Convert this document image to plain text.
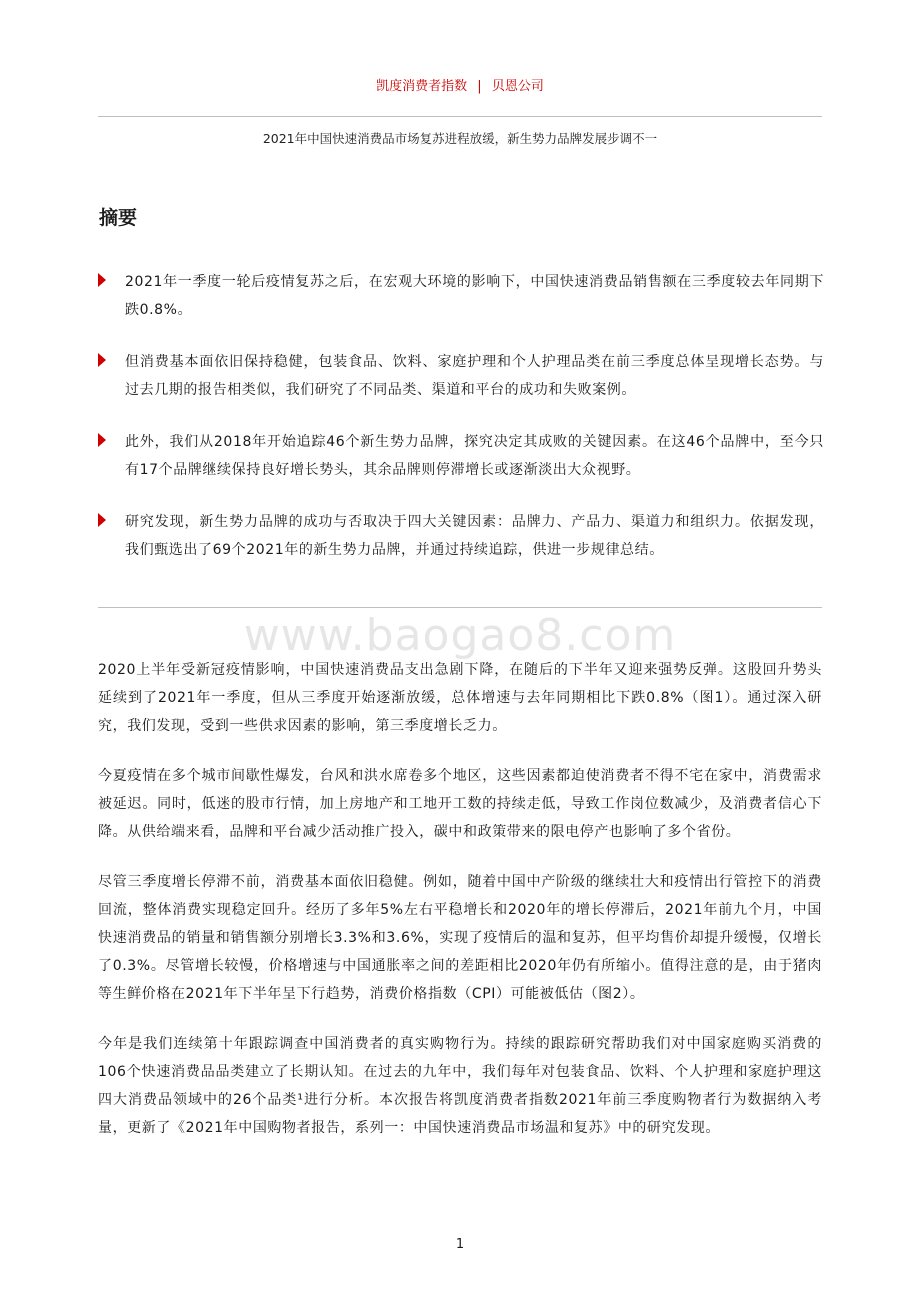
凯度消费者指数 | 贝恩公司
2021年中国快速消费品市场复苏进程放缓，新生势力品牌发展步调不一
摘要

2021年一季度一轮后疫情复苏之后，在宏观大环境的影响下，中国快速消费品销售额在三季度较去年同期下跌0.8%。

但消费基本面依旧保持稳健，包装食品、饮料、家庭护理和个人护理品类在前三季度总体呈现增长态势。与过去几期的报告相类似，我们研究了不同品类、渠道和平台的成功和失败案例。

此外，我们从2018年开始追踪46个新生势力品牌，探究决定其成败的关键因素。在这46个品牌中，至今只有17个品牌继续保持良好增长势头，其余品牌则停滞增长或逐渐淡出大众视野。

研究发现，新生势力品牌的成功与否取决于四大关键因素：品牌力、产品力、渠道力和组织力。依据发现，我们甄选出了69个2021年的新生势力品牌，并通过持续追踪，供进一步规律总结。

www.baogao8.com

2020上半年受新冠疫情影响，中国快速消费品支出急剧下降，在随后的下半年又迎来强势反弹。这股回升势头延续到了2021年一季度，但从三季度开始逐渐放缓，总体增速与去年同期相比下跌0.8%（图1）。通过深入研究，我们发现，受到一些供求因素的影响，第三季度增长乏力。

今夏疫情在多个城市间歇性爆发，台风和洪水席卷多个地区，这些因素都迫使消费者不得不宅在家中，消费需求被延迟。同时，低迷的股市行情，加上房地产和工地开工数的持续走低，导致工作岗位数减少，及消费者信心下降。从供给端来看，品牌和平台减少活动推广投入，碳中和政策带来的限电停产也影响了多个省份。

尽管三季度增长停滞不前，消费基本面依旧稳健。例如，随着中国中产阶级的继续壮大和疫情出行管控下的消费回流，整体消费实现稳定回升。经历了多年5%左右平稳增长和2020年的增长停滞后，2021年前九个月，中国快速消费品的销量和销售额分别增长3.3%和3.6%，实现了疫情后的温和复苏，但平均售价却提升缓慢，仅增长了0.3%。尽管增长较慢，价格增速与中国通胀率之间的差距相比2020年仍有所缩小。值得注意的是，由于猪肉等生鲜价格在2021年下半年呈下行趋势，消费价格指数（CPI）可能被低估（图2）。

今年是我们连续第十年跟踪调查中国消费者的真实购物行为。持续的跟踪研究帮助我们对中国家庭购买消费的106个快速消费品品类建立了长期认知。在过去的九年中，我们每年对包装食品、饮料、个人护理和家庭护理这四大消费品领域中的26个品类¹进行分析。本次报告将凯度消费者指数2021年前三季度购物者行为数据纳入考量，更新了《2021年中国购物者报告，系列一：中国快速消费品市场温和复苏》中的研究发现。

1
